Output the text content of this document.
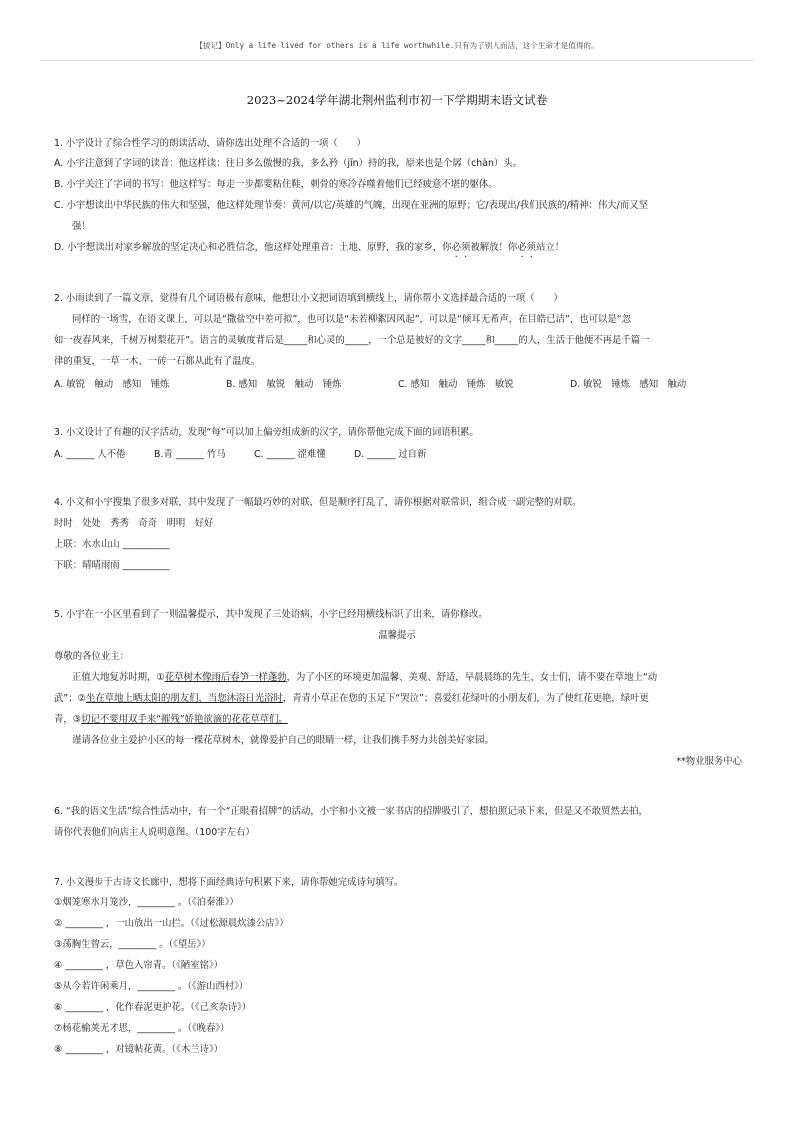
【拔记】Only a life lived for others is a life worthwhile.只有为了别人而活，这个生命才是值得的。
2023~2024学年湖北荆州监利市初一下学期期末语文试卷
1. 小宇设计了综合性学习的朗读活动，请你选出处理不合适的一项（　　）
A. 小宇注意到了字词的读音：他这样读：往日多么傲慢的我，多么矜（jīn）持的我，原来也是个孱（chàn）头。
B. 小宇关注了字词的书写：他这样写：每走一步都要粘住鞋，刺骨的寒冷吞噬着他们已经疲意不堪的躯体。
C. 小宇想读出中华民族的伟大和坚强，他这样处理节奏：黄河/以它/英雄的气魄，出现在亚洲的原野；它/表现出/我们民族的/精神：伟大/而又坚
强！
D. 小宇想读出对家乡解放的坚定决心和必胜信念，他这样处理重音：土地、原野，我的家乡，你必须被解放！你必须站立！
2. 小雨读到了一篇文章，觉得有几个词语极有意味，他想让小文把词语填到横线上，请你帮小文选择最合适的一项（　　）
同样的一场雪，在语文课上，可以是“撒盐空中差可拟”，也可以是“未若柳絮因风起”，可以是“倾耳无希声，在目皓已洁”，也可以是“忽
如一夜春风来，千树万树梨花开”。语言的灵敏度背后是_____和心灵的_____，一个总是被好的文字_____和_____的人，生活于他便不再是千篇一
律的重复，一草一木、一砖一石都从此有了温度。
A. 敏锐　触动　感知　锤炼	B. 感知　敏锐　触动　锤炼	C. 感知　触动　锤炼　敏锐	D. 敏锐　锤炼　感知　触动
3. 小文设计了有趣的汉字活动，发现“每”可以加上偏旁组成新的汉字，请你帮他完成下面的词语积累。
A. ______ 人不倦	B.青 ______ 竹马	C. ______ 涩难懂	D. ______ 过自新
4. 小文和小宇搜集了很多对联，其中发现了一幅最巧妙的对联，但是顺序打乱了，请你根据对联常识，组合成一副完整的对联。
时时　处处　秀秀　奇奇　明明　好好
上联：水水山山 __________
下联：晴晴雨雨 __________
5. 小宇在一小区里看到了一则温馨提示，其中发现了三处语病，小宇已经用横线标识了出来，请你修改。
温馨提示
尊敬的各位业主：
正值大地复苏时期，①花草树木像雨后春笋一样蓬勃，为了小区的环境更加温馨、美观、舒适，早晨晨练的先生、女士们，请不要在草地上“动
武”；②坐在草地上晒太阳的朋友们，当您沐浴日光浴时，青青小草正在您的玉足下“哭泣”；喜爱红花绿叶的小朋友们，为了使红花更艳，绿叶更
青，③切记不要用双手来“摧残”娇艳欲滴的花花草草们。
谨请各位业主爱护小区的每一棵花草树木，就像爱护自己的眼睛一样，让我们携手努力共创美好家园。
**物业服务中心
6. “我的语文生活”综合性活动中，有一个“正眼看招牌”的活动，小宇和小文被一家书店的招牌吸引了，想拍照记录下来，但是又不敢贸然去拍，
请你代表他们向店主人说明意图。（100字左右）
7. 小文漫步于古诗文长廊中，想将下面经典诗句积累下来，请你帮她完成诗句填写。
①烟笼寒水月笼沙，________ 。（《泊秦淮》）
② ________ ，一山放出一山拦。（《过松源晨炊漆公店》）
③荡胸生曾云，________ 。（《望岳》）
④ ________ ，草色入帘青。（《陋室铭》）
⑤从今若许闲乘月，________ 。（《游山西村》）
⑥ ________ ，化作春泥更护花。（《己亥杂诗》）
⑦杨花榆荚无才思，________ 。（《晚春》）
⑧ ________ ，对镜帖花黄。（《木兰诗》）
